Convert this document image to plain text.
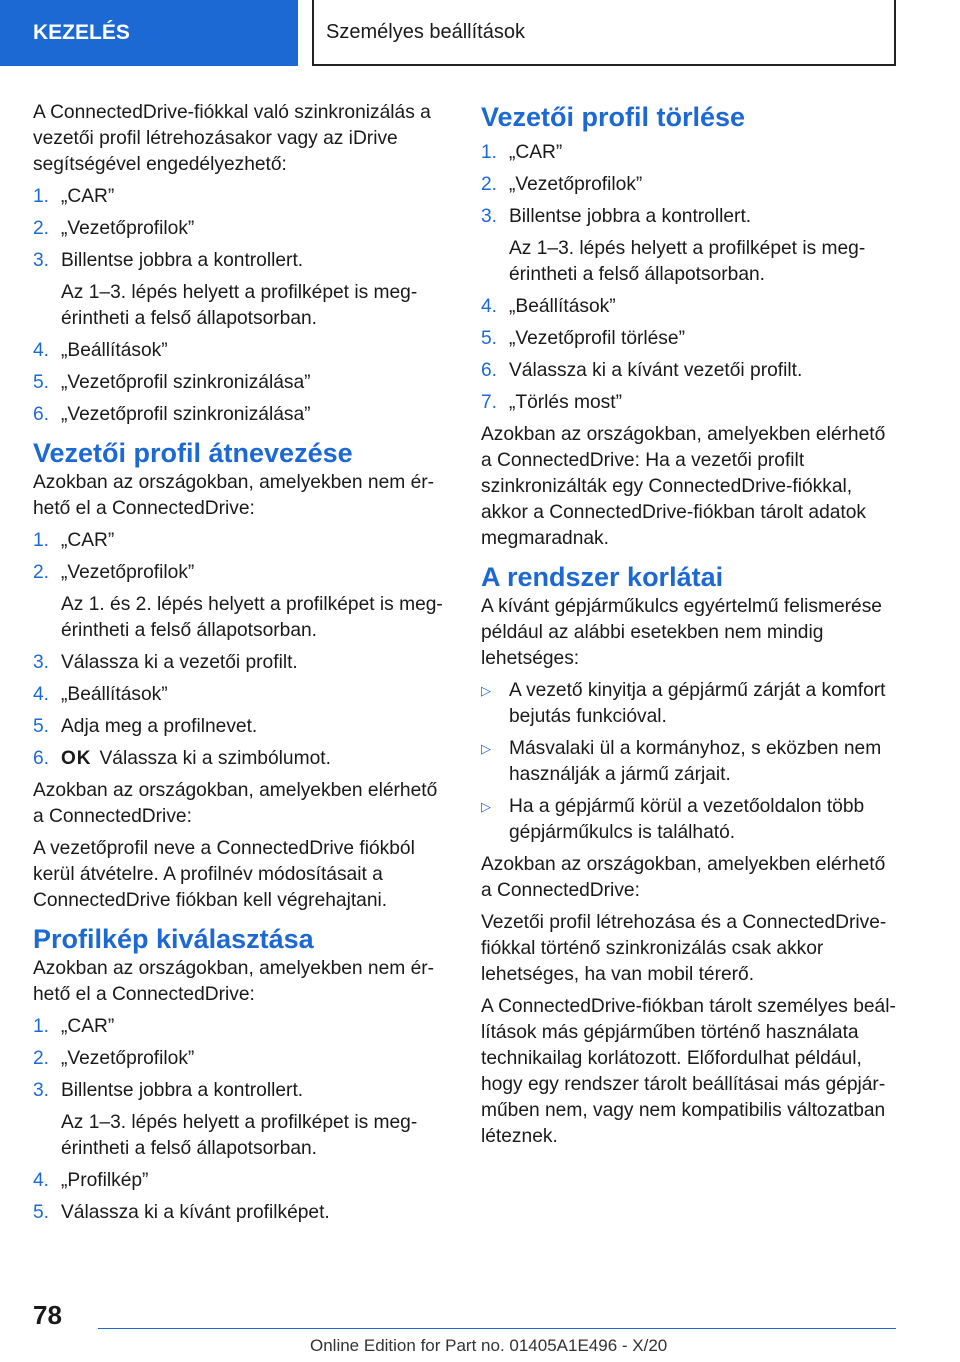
KEZELÉS	Személyes beállítások

A ConnectedDrive-fiókkal való szinkronizálás a vezetői profil létrehozásakor vagy az iDrive segítségével engedélyezhető:

1. „CAR”
2. „Vezetőprofilok”
3. Billentse jobbra a kontrollert.
Az 1‒3. lépés helyett a profilképet is megérintheti a felső állapotsorban.
4. „Beállítások”
5. „Vezetőprofil szinkronizálása”
6. „Vezetőprofil szinkronizálása”
Vezetői profil átnevezése

Azokban az országokban, amelyekben nem érhető el a ConnectedDrive:

1. „CAR”
2. „Vezetőprofilok”
Az 1. és 2. lépés helyett a profilképet is megérintheti a felső állapotsorban.
3. Válassza ki a vezetői profilt.
4. „Beállítások”
5. Adja meg a profilnevet.
6. OK Válassza ki a szimbólumot.

Azokban az országokban, amelyekben elérhető a ConnectedDrive:

A vezetőprofil neve a ConnectedDrive fiókból kerül átvételre. A profilnév módosításait a ConnectedDrive fiókban kell végrehajtani.

Profilkép kiválasztása

Azokban az országokban, amelyekben nem érhető el a ConnectedDrive:

1. „CAR”
2. „Vezetőprofilok”
3. Billentse jobbra a kontrollert.
Az 1‒3. lépés helyett a profilképet is megérintheti a felső állapotsorban.
4. „Profilkép”
5. Válassza ki a kívánt profilképet.
Vezetői profil törlése
1. „CAR”
2. „Vezetőprofilok”
3. Billentse jobbra a kontrollert.
Az 1‒3. lépés helyett a profilképet is megérintheti a felső állapotsorban.
4. „Beállítások”
5. „Vezetőprofil törlése”
6. Válassza ki a kívánt vezetői profilt.
7. „Törlés most”

Azokban az országokban, amelyekben elérhető a ConnectedDrive: Ha a vezetői profilt szinkronizálták egy ConnectedDrive-fiókkal, akkor a ConnectedDrive-fiókban tárolt adatok megmaradnak.

A rendszer korlátai

A kívánt gépjárműkulcs egyértelmű felismerése például az alábbi esetekben nem mindig lehetséges:

▷ A vezető kinyitja a gépjármű zárját a komfort bejutás funkcióval.
▷ Másvalaki ül a kormányhoz, s eközben nem használják a jármű zárjait.
▷ Ha a gépjármű körül a vezetőoldalon több gépjárműkulcs is található.

Azokban az országokban, amelyekben elérhető a ConnectedDrive:

Vezetői profil létrehozása és a ConnectedDrive-fiókkal történő szinkronizálás csak akkor lehetséges, ha van mobil térerő.

A ConnectedDrive-fiókban tárolt személyes beállítások más gépjárműben történő használata technikailag korlátozott. Előfordulhat például, hogy egy rendszer tárolt beállításai más gépjárműben nem, vagy nem kompatibilis változatban léteznek.

78
Online Edition for Part no. 01405A1E496 - X/20
